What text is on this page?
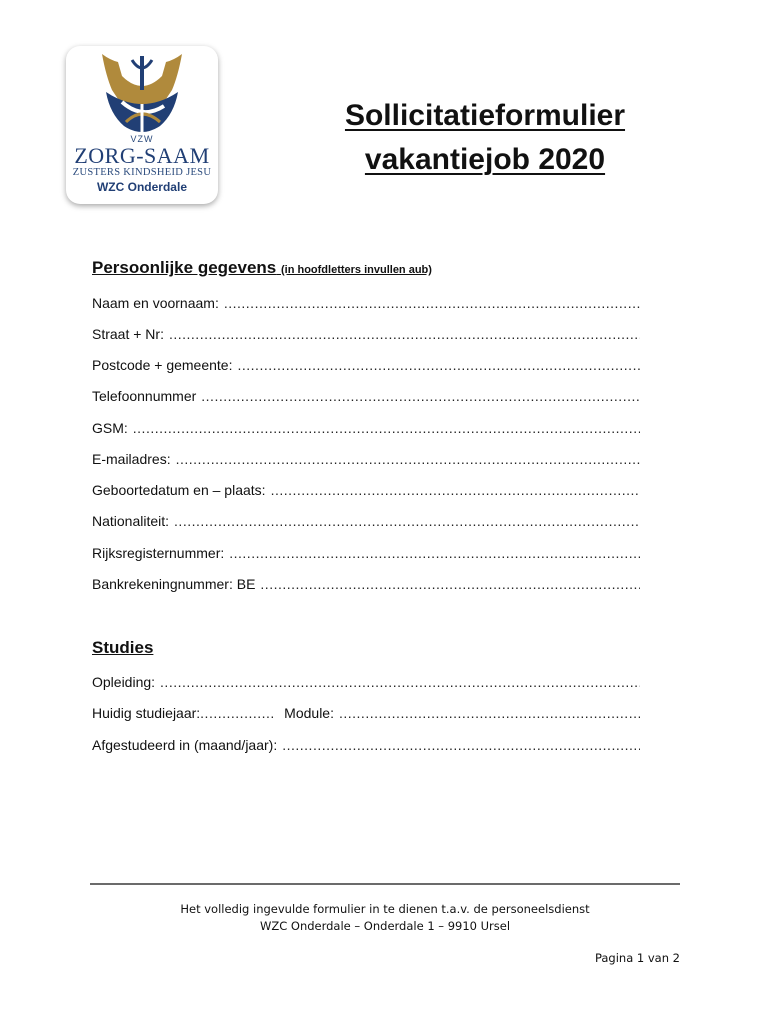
VZW
ZORG-SAAM
ZUSTERS KINDSHEID JESU
WZC Onderdale
Sollicitatieformulier
vakantiejob 2020
Persoonlijke gegevens (in hoofdletters invullen aub)
Naam en voornaam:
.....
Straat + Nr:
.....
Postcode + gemeente:
.....
Telefoonnummer
.....
GSM:
.....
E-mailadres:
.....
Geboortedatum en – plaats:
.....
Nationaliteit:
.....
Rijksregisternummer:
.....
Bankrekeningnummer: BE
.....
Studies
Opleiding:
.....
Huidig studiejaar:
.....	Module:
.....
Afgestudeerd in (maand/jaar):
.....
Het volledig ingevulde formulier in te dienen t.a.v. de personeelsdienst
WZC Onderdale – Onderdale 1 – 9910 Ursel
Pagina 1 van 2
